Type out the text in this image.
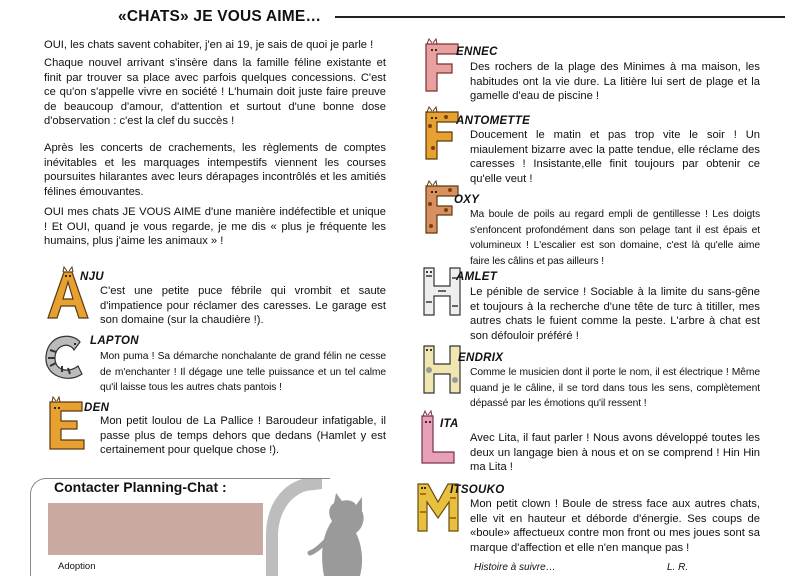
«CHATS» JE VOUS AIME…

OUI, les chats savent cohabiter, j'en ai 19, je sais de quoi je parle !

Chaque nouvel arrivant s'insère dans la famille féline existante et finit par trouver sa place avec parfois quelques concessions. C'est ce qu'on s'appelle vivre en société ! L'humain doit juste faire preuve de beaucoup d'amour, d'attention et surtout d'une bonne dose d'observation : c'est la clef du succès !

Après les concerts de crachements, les règlements de comptes inévitables et les marquages intempestifs viennent les courses poursuites hilarantes avec leurs dérapages incontrôlés et les amitiés félines émouvantes.

OUI mes chats JE VOUS AIME d'une manière indéfectible et unique ! Et OUI, quand je vous regarde, je me dis « plus je fréquente les humains, plus j'aime les animaux » !

NJU
C'est une petite puce fébrile qui vrombit et saute d'impatience pour réclamer des caresses. Le garage est son domaine (sur la chaudière !).
LAPTON
Mon puma ! Sa démarche nonchalante de grand félin ne cesse de m'enchanter ! Il dégage une telle puissance et un tel calme qu'il laisse tous les autres chats pantois !
DEN
Mon petit loulou de La Pallice ! Baroudeur infatigable, il passe plus de temps dehors que dedans (Hamlet y est certainement pour quelque chose !).
ENNEC
Des rochers de la plage des Minimes à ma maison, les habitudes ont la vie dure. La litière lui sert de plage et la gamelle d'eau de piscine !
ANTOMETTE
Doucement le matin et pas trop vite le soir ! Un miaulement bizarre avec la patte tendue, elle réclame des caresses ! Insistante,elle finit toujours par obtenir ce qu'elle veut !
OXY
Ma boule de poils au regard empli de gentillesse ! Les doigts s'enfoncent profondément dans son pelage tant il est épais et volumineux ! L'escalier est son domaine, c'est là qu'elle aime faire les câlins et pas ailleurs !
AMLET
Le pénible de service ! Sociable à la limite du sans-gêne et toujours à la recherche d'une tête de turc à titiller, mes autres chats le fuient comme la peste. L'arbre à chat est son défouloir préféré !
ENDRIX
Comme le musicien dont il porte le nom, il est électrique ! Même quand je le câline, il se tord dans tous les sens, complètement dépassé par les émotions qu'il ressent !
ITA
Avec Lita, il faut parler ! Nous avons développé toutes les deux un langage bien à nous et on se comprend ! Hin Hin ma Lita !
ITSOUKO
Mon petit clown ! Boule de stress face aux autres chats, elle vit en hauteur et déborde d'énergie. Ses coups de «boule» affectueux contre mon front ou mes joues sont sa marque d'affection et elle n'en manque pas !
Contacter Planning-Chat :
Adoption	Histoire à suivre…	L. R.
